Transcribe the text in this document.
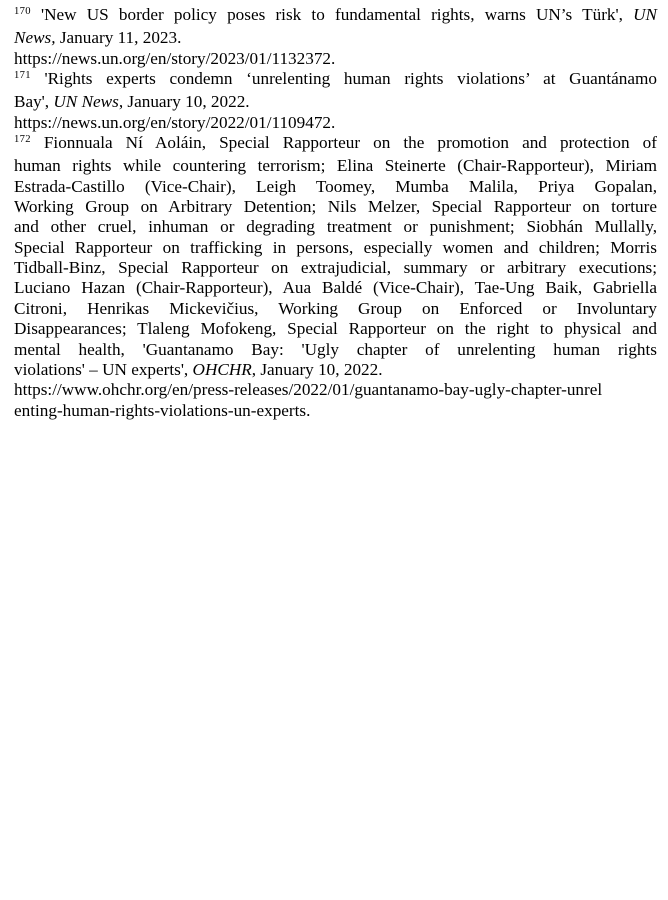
$^{170}$ 'New US border policy poses risk to fundamental rights, warns UN’s Türk', UN
News, January 11, 2023.
https://news.un.org/en/story/2023/01/1132372.
$^{171}$ 'Rights experts condemn ‘unrelenting human rights violations’ at Guantánamo
Bay', UN News, January 10, 2022.
https://news.un.org/en/story/2022/01/1109472.
$^{172}$ Fionnuala Ní Aoláin, Special Rapporteur on the promotion and protection of
human rights while countering terrorism; Elina Steinerte (Chair-Rapporteur), Miriam
Estrada-Castillo (Vice-Chair), Leigh Toomey, Mumba Malila, Priya Gopalan,
Working Group on Arbitrary Detention; Nils Melzer, Special Rapporteur on torture
and other cruel, inhuman or degrading treatment or punishment; Siobhán Mullally,
Special Rapporteur on trafficking in persons, especially women and children; Morris
Tidball-Binz, Special Rapporteur on extrajudicial, summary or arbitrary executions;
Luciano Hazan (Chair-Rapporteur), Aua Baldé (Vice-Chair), Tae-Ung Baik, Gabriella
Citroni, Henrikas Mickevičius, Working Group on Enforced or Involuntary
Disappearances; Tlaleng Mofokeng, Special Rapporteur on the right to physical and
mental health, 'Guantanamo Bay: 'Ugly chapter of unrelenting human rights
violations' – UN experts', OHCHR, January 10, 2022.
https://www.ohchr.org/en/press-releases/2022/01/guantanamo-bay-ugly-chapter-unrel
enting-human-rights-violations-un-experts.
